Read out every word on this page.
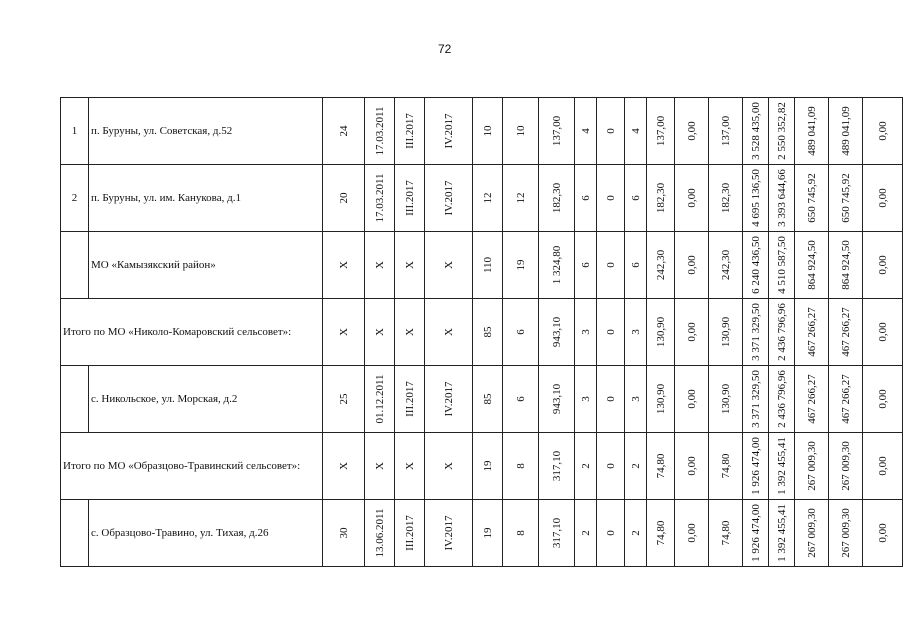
72
1	п. Буруны, ул. Советская, д.52	24	17.03.2011	III.2017	IV.2017	10	10	137,00	4	0	4	137,00	0,00	137,00	3 528 435,00	2 550 352,82	489 041,09	489 041,09	0,00

2	п. Буруны, ул. им. Канукова, д.1	20	17.03.2011	III.2017	IV.2017	12	12	182,30	6	0	6	182,30	0,00	182,30	4 695 136,50	3 393 644,66	650 745,92	650 745,92	0,00

	МО «Камызякский район»	X	X	X	X	110	19	1 324,80	6	0	6	242,30	0,00	242,30	6 240 436,50	4 510 587,50	864 924,50	864 924,50	0,00

Итого по МО «Николо-Комаровский сельсовет»:		X	X	X	X	85	6	943,10	3	0	3	130,90	0,00	130,90	3 371 329,50	2 436 796,96	467 266,27	467 266,27	0,00

	с. Никольское, ул. Морская, д.2	25	01.12.2011	III.2017	IV.2017	85	6	943,10	3	0	3	130,90	0,00	130,90	3 371 329,50	2 436 796,96	467 266,27	467 266,27	0,00

Итого по МО «Образцово-Травинский сельсовет»:		X	X	X	X	19	8	317,10	2	0	2	74,80	0,00	74,80	1 926 474,00	1 392 455,41	267 009,30	267 009,30	0,00

	с. Образцово-Травино, ул. Тихая, д.26	30	13.06.2011	III.2017	IV.2017	19	8	317,10	2	0	2	74,80	0,00	74,80	1 926 474,00	1 392 455,41	267 009,30	267 009,30	0,00
